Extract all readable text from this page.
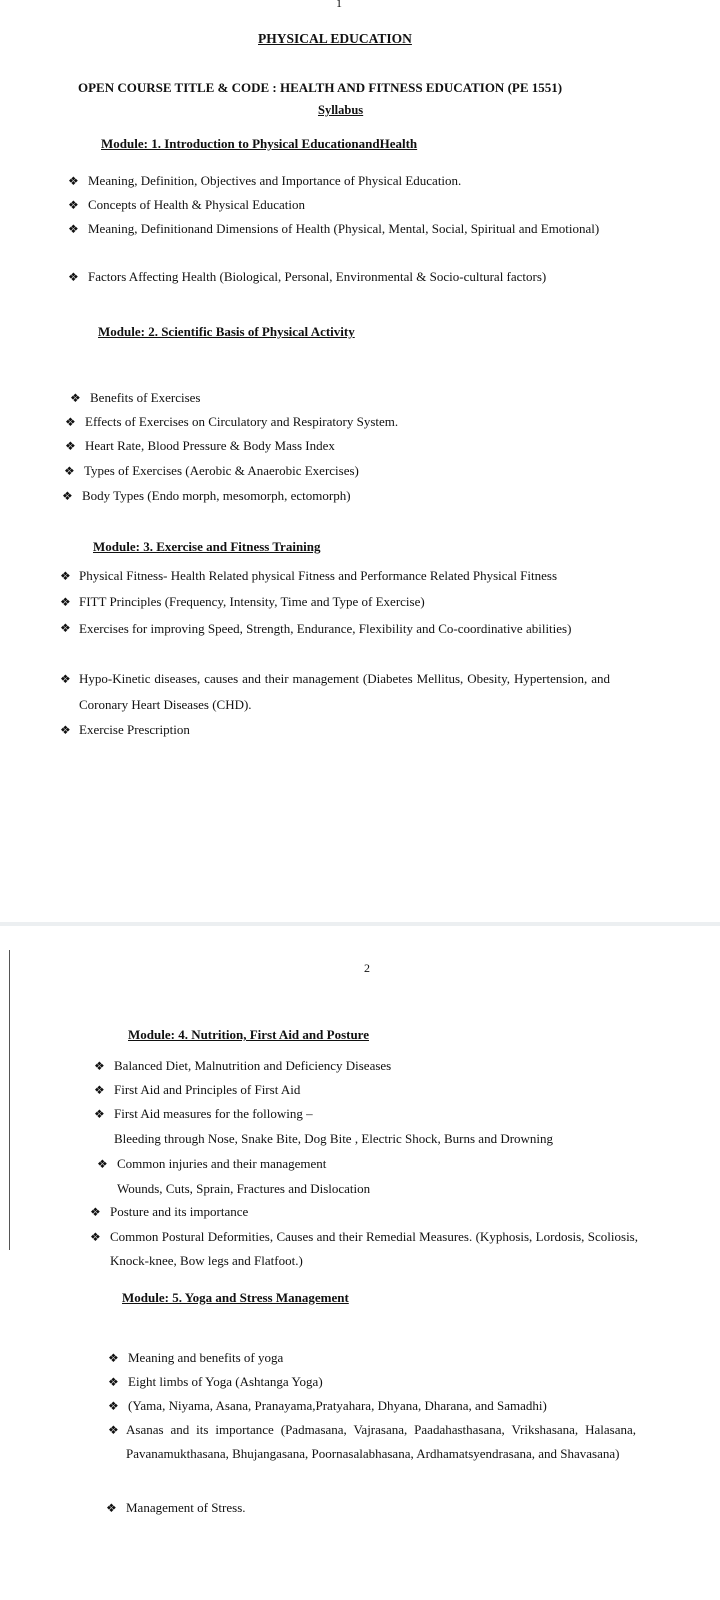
1
PHYSICAL EDUCATION
OPEN COURSE TITLE & CODE : HEALTH AND FITNESS EDUCATION (PE 1551)
Syllabus
Module: 1. Introduction to Physical EducationandHealth
❖ Meaning, Definition, Objectives and Importance of Physical Education.
❖ Concepts of Health & Physical Education
❖ Meaning, Definitionand Dimensions of Health (Physical, Mental, Social, Spiritual and Emotional)
❖ Factors Affecting Health (Biological, Personal, Environmental & Socio-cultural factors)
Module: 2. Scientific Basis of Physical Activity
❖ Benefits of Exercises
❖ Effects of Exercises on Circulatory and Respiratory System.
❖ Heart Rate, Blood Pressure & Body Mass Index
❖ Types of Exercises (Aerobic & Anaerobic Exercises)
❖ Body Types (Endo morph, mesomorph, ectomorph)
Module: 3. Exercise and Fitness Training
❖ Physical Fitness- Health Related physical Fitness and Performance Related Physical Fitness
❖ FITT Principles (Frequency, Intensity, Time and Type of Exercise)
❖ Exercises for improving Speed, Strength, Endurance, Flexibility and Co-coordinative abilities)
❖ Hypo-Kinetic diseases, causes and their management (Diabetes Mellitus, Obesity, Hypertension, and Coronary Heart Diseases (CHD).
❖ Exercise Prescription
2
Module: 4. Nutrition, First Aid and Posture
❖ Balanced Diet, Malnutrition and Deficiency Diseases
❖ First Aid and Principles of First Aid
❖ First Aid measures for the following –
Bleeding through Nose, Snake Bite, Dog Bite , Electric Shock, Burns and Drowning
❖ Common injuries and their management
Wounds, Cuts, Sprain, Fractures and Dislocation
❖ Posture and its importance
❖ Common Postural Deformities, Causes and their Remedial Measures. (Kyphosis, Lordosis, Scoliosis, Knock-knee, Bow legs and Flatfoot.)
Module: 5. Yoga and Stress Management
❖ Meaning and benefits of yoga
❖ Eight limbs of Yoga (Ashtanga Yoga)
❖ (Yama, Niyama, Asana, Pranayama,Pratyahara, Dhyana, Dharana, and Samadhi)
❖ Asanas and its importance (Padmasana, Vajrasana, Paadahasthasana, Vrikshasana, Halasana, Pavanamukthasana, Bhujangasana, Poornasalabhasana, Ardhamatsyendrasana, and Shavasana)
❖ Management of Stress.
